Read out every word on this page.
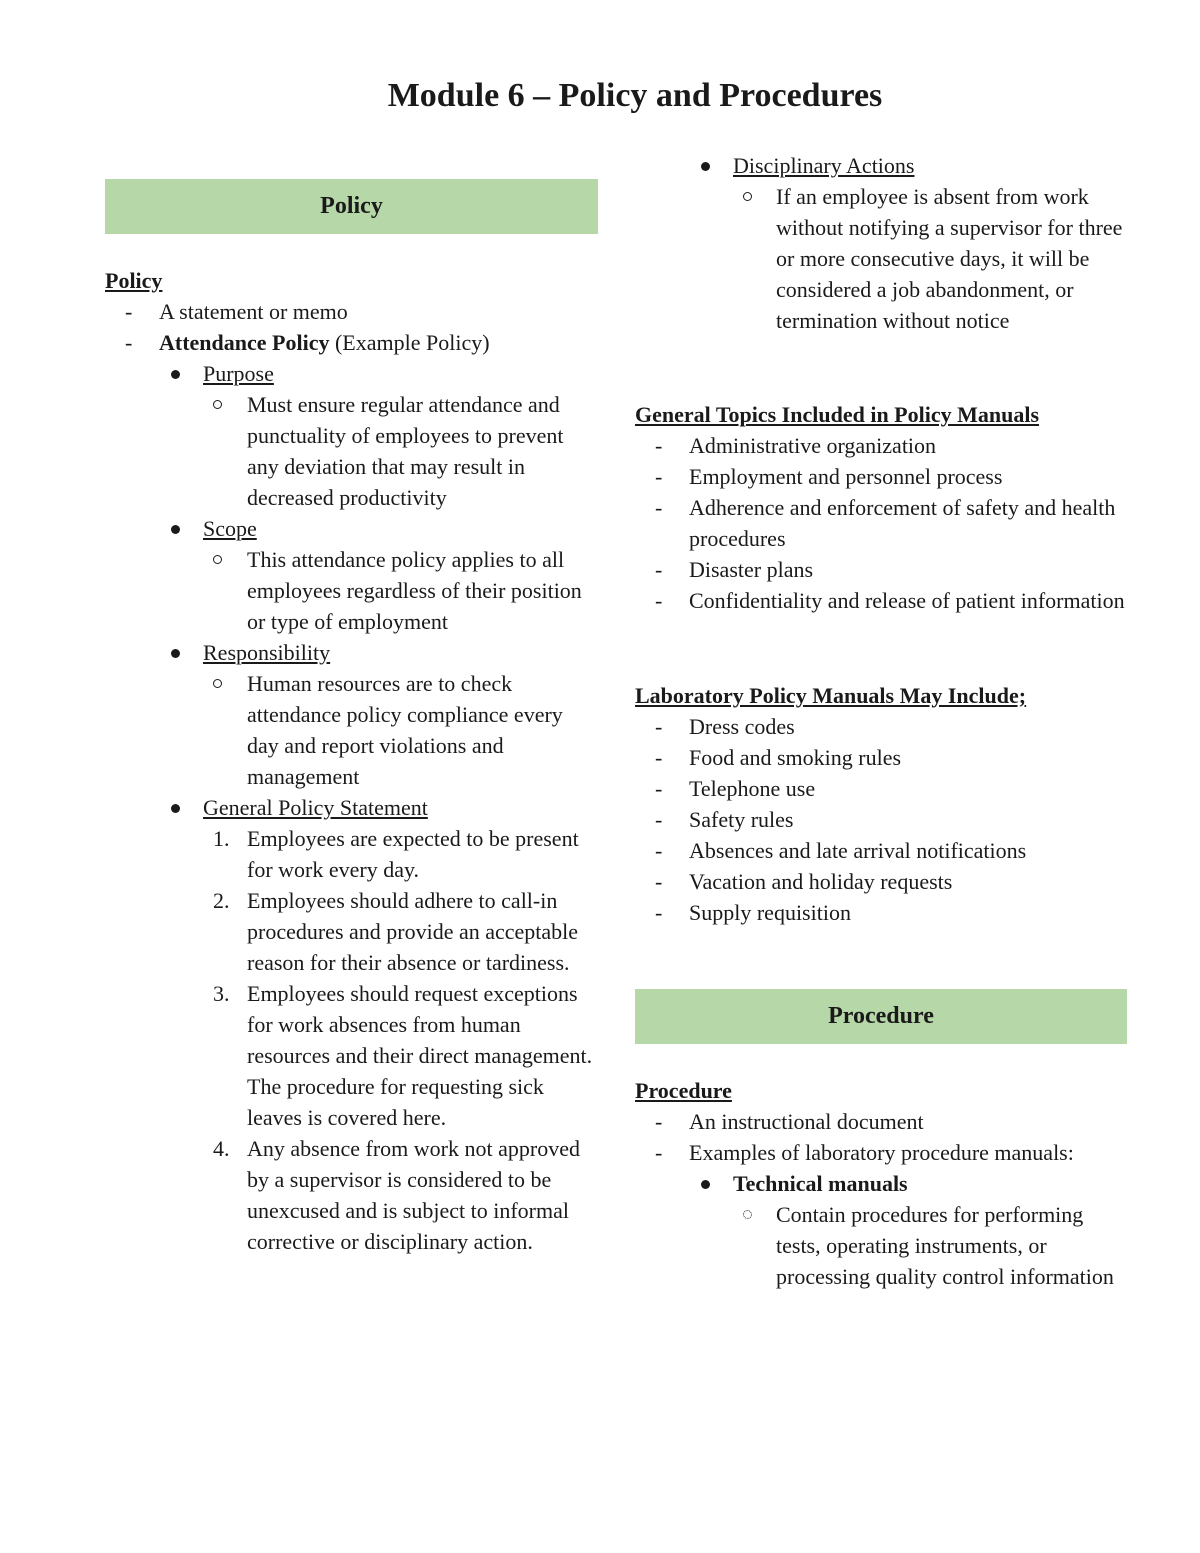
Module 6 – Policy and Procedures
Policy
Policy
- A statement or memo
- Attendance Policy (Example Policy)
Purpose
Must ensure regular attendance and punctuality of employees to prevent any deviation that may result in decreased productivity
Scope
This attendance policy applies to all employees regardless of their position or type of employment
Responsibility
Human resources are to check attendance policy compliance every day and report violations and management
General Policy Statement
1. Employees are expected to be present for work every day.
2. Employees should adhere to call-in procedures and provide an acceptable reason for their absence or tardiness.
3. Employees should request exceptions for work absences from human resources and their direct management. The procedure for requesting sick leaves is covered here.
4. Any absence from work not approved by a supervisor is considered to be unexcused and is subject to informal corrective or disciplinary action.
Disciplinary Actions
If an employee is absent from work without notifying a supervisor for three or more consecutive days, it will be considered a job abandonment, or termination without notice
General Topics Included in Policy Manuals
- Administrative organization
- Employment and personnel process
- Adherence and enforcement of safety and health procedures
- Disaster plans
- Confidentiality and release of patient information
Laboratory Policy Manuals May Include;
- Dress codes
- Food and smoking rules
- Telephone use
- Safety rules
- Absences and late arrival notifications
- Vacation and holiday requests
- Supply requisition
Procedure
Procedure
- An instructional document
- Examples of laboratory procedure manuals:
Technical manuals
Contain procedures for performing tests, operating instruments, or processing quality control information
